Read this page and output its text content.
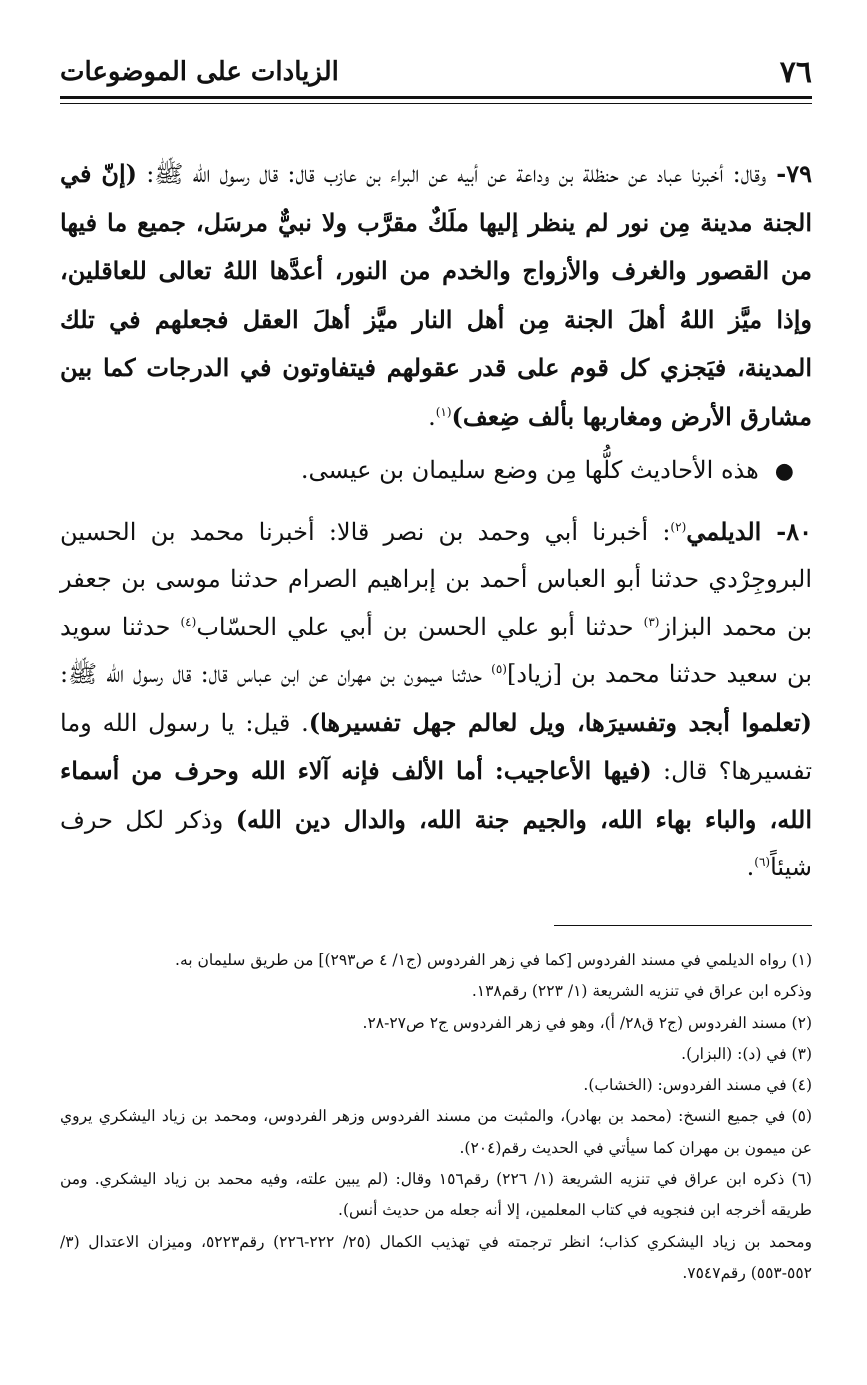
٧٦
الزيادات على الموضوعات

٧٩- وقال: أخبرنا عباد عن حنظلة بن وداعة عن أبيه عن البراء بن عازب قال: قال رسول الله ﷺ: (إنّ في الجنة مدينة مِن نور لم ينظر إليها ملَكٌ مقرَّب ولا نبيٌّ مرسَل، جميع ما فيها من القصور والغرف والأزواج والخدم من النور، أعدَّها اللهُ تعالى للعاقلين، وإذا ميَّز اللهُ أهلَ الجنة مِن أهل النار ميَّز أهلَ العقل فجعلهم في تلك المدينة، فيَجزي كل قوم على قدر عقولهم فيتفاوتون في الدرجات كما بين مشارق الأرض ومغاربها بألف ضِعف)$^{(١)}$.

●هذه الأحاديث كلُّها مِن وضع سليمان بن عيسى.

٨٠- الديلمي$^{(٢)}$: أخبرنا أبي وحمد بن نصر قالا: أخبرنا محمد بن الحسين البروجِرْدي حدثنا أبو العباس أحمد بن إبراهيم الصرام حدثنا موسى بن جعفر بن محمد البزاز$^{(٣)}$ حدثنا أبو علي الحسن بن أبي علي الحسّاب$^{(٤)}$ حدثنا سويد بن سعيد حدثنا محمد بن [زياد]$^{(٥)}$ حدثنا ميمون بن مهران عن ابن عباس قال: قال رسول الله ﷺ: (تعلموا أبجد وتفسيرَها، ويل لعالم جهل تفسيرها). قيل: يا رسول الله وما تفسيرها؟ قال: (فيها الأعاجيب: أما الألف فإنه آلاء الله وحرف من أسماء الله، والباء بهاء الله، والجيم جنة الله، والدال دين الله) وذكر لكل حرف شيئاً$^{(٦)}$.

(١) رواه الديلمي في مسند الفردوس [كما في زهر الفردوس (ج١/ ٤ ص٢٩٣)] من طريق سليمان به.

وذكره ابن عراق في تنزيه الشريعة (١/ ٢٢٣) رقم١٣٨.

(٢) مسند الفردوس (ج٢ ق٢٨/ أ)، وهو في زهر الفردوس ج٢ ص٢٧-٢٨.

(٣) في (د): (البزار).

(٤) في مسند الفردوس: (الخشاب).

(٥) في جميع النسخ: (محمد بن بهادر)، والمثبت من مسند الفردوس وزهر الفردوس، ومحمد بن زياد اليشكري يروي عن ميمون بن مهران كما سيأتي في الحديث رقم(٢٠٤).

(٦) ذكره ابن عراق في تنزيه الشريعة (١/ ٢٢٦) رقم١٥٦ وقال: (لم يبين علته، وفيه محمد بن زياد اليشكري. ومن طريقه أخرجه ابن فنجويه في كتاب المعلمين، إلا أنه جعله من حديث أنس).

ومحمد بن زياد اليشكري كذاب؛ انظر ترجمته في تهذيب الكمال (٢٥/ ٢٢٢-٢٢٦) رقم٥٢٢٣، وميزان الاعتدال (٣/ ٥٥٢-٥٥٣) رقم٧٥٤٧.
